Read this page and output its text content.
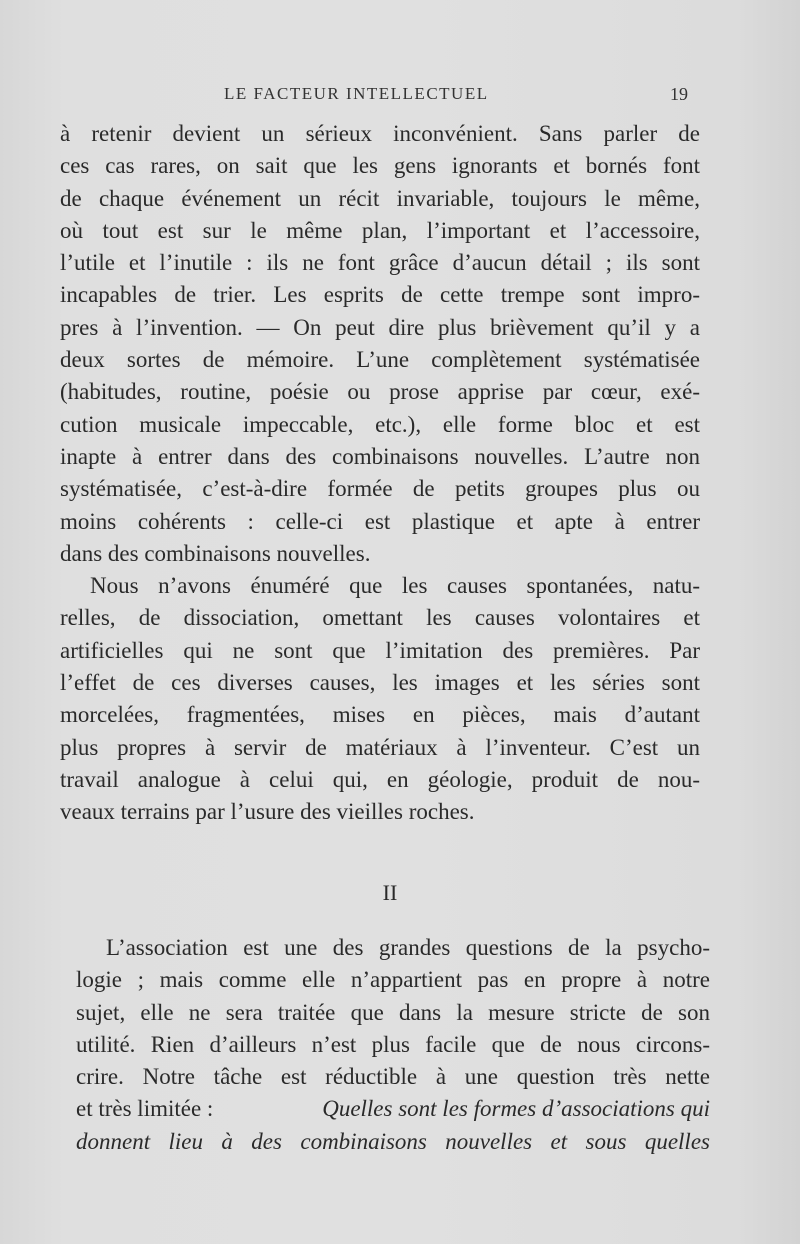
LE FACTEUR INTELLECTUEL	19
à retenir devient un sérieux inconvénient. Sans parler de
ces cas rares, on sait que les gens ignorants et bornés font
de chaque événement un récit invariable, toujours le même,
où tout est sur le même plan, l’important et l’accessoire,
l’utile et l’inutile : ils ne font grâce d’aucun détail ; ils sont
incapables de trier. Les esprits de cette trempe sont impro-
pres à l’invention. — On peut dire plus brièvement qu’il y a
deux sortes de mémoire. L’une complètement systématisée
(habitudes, routine, poésie ou prose apprise par cœur, exé-
cution musicale impeccable, etc.), elle forme bloc et est
inapte à entrer dans des combinaisons nouvelles. L’autre non
systématisée, c’est-à-dire formée de petits groupes plus ou
moins cohérents : celle-ci est plastique et apte à entrer
dans des combinaisons nouvelles.
Nous n’avons énuméré que les causes spontanées, natu-
relles, de dissociation, omettant les causes volontaires et
artificielles qui ne sont que l’imitation des premières. Par
l’effet de ces diverses causes, les images et les séries sont
morcelées, fragmentées, mises en pièces, mais d’autant
plus propres à servir de matériaux à l’inventeur. C’est un
travail analogue à celui qui, en géologie, produit de nou-
veaux terrains par l’usure des vieilles roches.
II
L’association est une des grandes questions de la psycho-
logie ; mais comme elle n’appartient pas en propre à notre
sujet, elle ne sera traitée que dans la mesure stricte de son
utilité. Rien d’ailleurs n’est plus facile que de nous circons-
crire. Notre tâche est réductible à une question très nette
et très limitée :	Quelles sont les formes d’associations qui
donnent lieu à des combinaisons nouvelles et sous quelles
